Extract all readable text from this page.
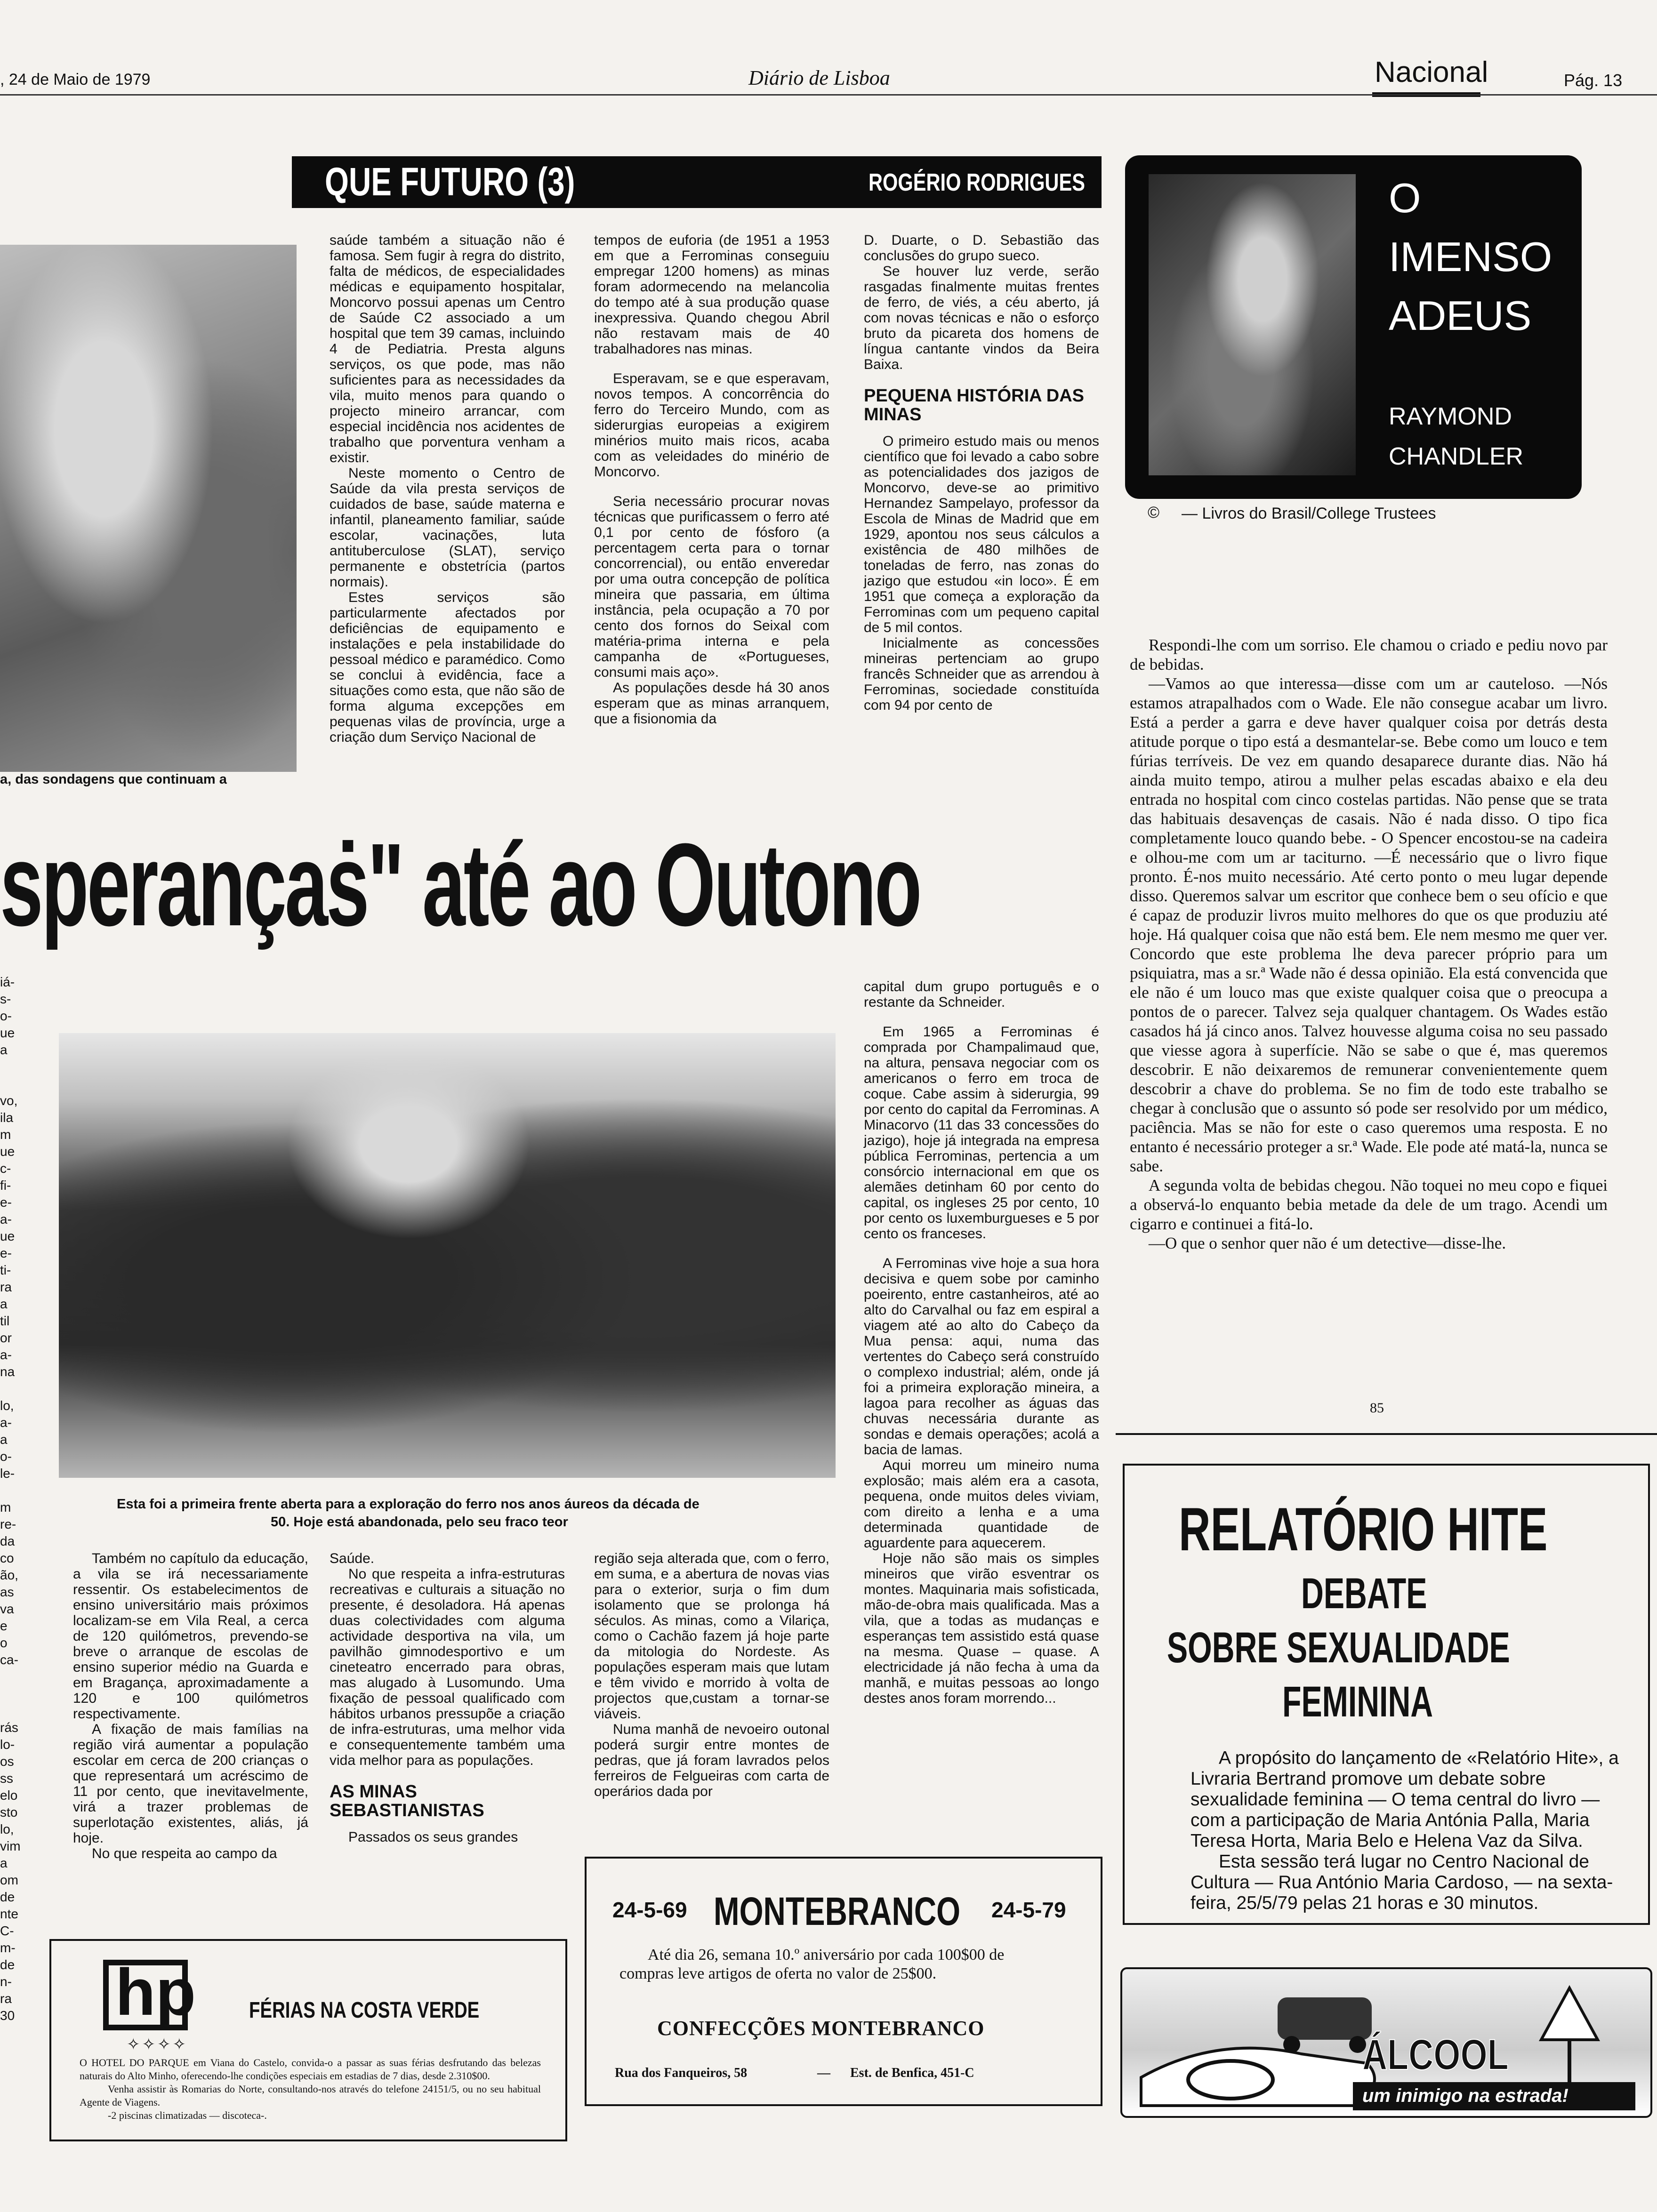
, 24 de Maio de 1979	Diário de Lisboa	Nacional	Pág. 13
QUE FUTURO (3)	ROGÉRIO RODRIGUES
a, das sondagens que continuam a

saúde também a situação não é famosa. Sem fugir à regra do distrito, falta de médicos, de especialidades médicas e equipamento hospitalar, Moncorvo possui apenas um Centro de Saúde C2 associado a um hospital que tem 39 camas, incluindo 4 de Pediatria. Presta alguns serviços, os que pode, mas não suficientes para as necessidades da vila, muito menos para quando o projecto mineiro arrancar, com especial incidência nos acidentes de trabalho que porventura venham a existir.

Neste momento o Centro de Saúde da vila presta serviços de cuidados de base, saúde materna e infantil, planeamento familiar, saúde escolar, vacinações, luta antituberculose (SLAT), serviço permanente e obstetrícia (partos normais).

Estes serviços são particularmente afectados por deficiências de equipamento e instalações e pela instabilidade do pessoal médico e paramédico. Como se conclui à evidência, face a situações como esta, que não são de forma alguma excepções em pequenas vilas de província, urge a criação dum Serviço Nacional de

tempos de euforia (de 1951 a 1953 em que a Ferrominas conseguiu empregar 1200 homens) as minas foram adormecendo na melancolia do tempo até à sua produção quase inexpressiva. Quando chegou Abril não restavam mais de 40 trabalhadores nas minas.

Esperavam, se e que esperavam, novos tempos. A concorrência do ferro do Terceiro Mundo, com as siderurgias europeias a exigirem minérios muito mais ricos, acaba com as veleidades do minério de Moncorvo.

Seria necessário procurar novas técnicas que purificassem o ferro até 0,1 por cento de fósforo (a percentagem certa para o tornar concorrencial), ou então enveredar por uma outra concepção de política mineira que passaria, em última instância, pela ocupação a 70 por cento dos fornos do Seixal com matéria-prima interna e pela campanha de «Portugueses, consumi mais aço».

As populações desde há 30 anos esperam que as minas arranquem, que a fisionomia da

D. Duarte, o D. Sebastião das conclusões do grupo sueco.

Se houver luz verde, serão rasgadas finalmente muitas frentes de ferro, de viés, a céu aberto, já com novas técnicas e não o esforço bruto da picareta dos homens de língua cantante vindos da Beira Baixa.

PEQUENA HISTÓRIA DAS MINAS

O primeiro estudo mais ou menos científico que foi levado a cabo sobre as potencialidades dos jazigos de Moncorvo, deve-se ao primitivo Hernandez Sampelayo, professor da Escola de Minas de Madrid que em 1929, apontou nos seus cálculos a existência de 480 milhões de toneladas de ferro, nas zonas do jazigo que estudou «in loco». É em 1951 que começa a exploração da Ferrominas com um pequeno capital de 5 mil contos.

Inicialmente as concessões mineiras pertenciam ao grupo francês Schneider que as arrendou à Ferrominas, sociedade constituída com 94 por cento de

sperançaṡ" até ao Outono
iá-
s-
o-
ue
a
vo,
ila
m
ue
c-
fi-
e-
a-
ue
e-
ti-
ra
a
til
or
a-
na
lo,
a-
a
o-
le-
m
re-
da
co
ão,
as
va
e
o
ca-
rás
lo-
os
ss
elo
sto
lo,
vim
a
om
de
nte
C-
m-
de
n-
ra
30
Esta foi a primeira frente aberta para a exploração do ferro nos anos áureos da década de
50. Hoje está abandonada, pelo seu fraco teor

capital dum grupo português e o restante da Schneider.

Em 1965 a Ferrominas é comprada por Champalimaud que, na altura, pensava negociar com os americanos o ferro em troca de coque. Cabe assim à siderurgia, 99 por cento do capital da Ferrominas. A Minacorvo (11 das 33 concessões do jazigo), hoje já integrada na empresa pública Ferrominas, pertencia a um consórcio internacional em que os alemães detinham 60 por cento do capital, os ingleses 25 por cento, 10 por cento os luxemburgueses e 5 por cento os franceses.

A Ferrominas vive hoje a sua hora decisiva e quem sobe por caminho poeirento, entre castanheiros, até ao alto do Carvalhal ou faz em espiral a viagem até ao alto do Cabeço da Mua pensa: aqui, numa das vertentes do Cabeço será construído o complexo industrial; além, onde já foi a primeira exploração mineira, a lagoa para recolher as águas das chuvas necessária durante as sondas e demais operações; acolá a bacia de lamas.

Aqui morreu um mineiro numa explosão; mais além era a casota, pequena, onde muitos deles viviam, com direito a lenha e a uma determinada quantidade de aguardente para aquecerem.

Hoje não são mais os simples mineiros que virão esventrar os montes. Maquinaria mais sofisticada, mão-de-obra mais qualificada. Mas a vila, que a todas as mudanças e esperanças tem assistido está quase na mesma. Quase – quase. A electricidade já não fecha à uma da manhã, e muitas pessoas ao longo destes anos foram morrendo...

Também no capítulo da educação, a vila se irá necessariamente ressentir. Os estabelecimentos de ensino universitário mais próximos localizam-se em Vila Real, a cerca de 120 quilómetros, prevendo-se breve o arranque de escolas de ensino superior médio na Guarda e em Bragança, aproximadamente a 120 e 100 quilómetros respectivamente.

A fixação de mais famílias na região virá aumentar a população escolar em cerca de 200 crianças o que representará um acréscimo de 11 por cento, que inevitavelmente, virá a trazer problemas de superlotação existentes, aliás, já hoje.

No que respeita ao campo da

Saúde.

No que respeita a infra-estruturas recreativas e culturais a situação no presente, é desoladora. Há apenas duas colectividades com alguma actividade desportiva na vila, um pavilhão gimnodesportivo e um cineteatro encerrado para obras, mas alugado à Lusomundo. Uma fixação de pessoal qualificado com hábitos urbanos pressupõe a criação de infra-estruturas, uma melhor vida e consequentemente também uma vida melhor para as populações.

AS MINAS SEBASTIANISTAS

Passados os seus grandes

região seja alterada que, com o ferro, em suma, e a abertura de novas vias para o exterior, surja o fim dum isolamento que se prolonga há séculos. As minas, como a Vilariça, como o Cachão fazem já hoje parte da mitologia do Nordeste. As populações esperam mais que lutam e têm vivido e morrido à volta de projectos que,custam a tornar-se viáveis.

Numa manhã de nevoeiro outonal poderá surgir entre montes de pedras, que já foram lavrados pelos ferreiros de Felgueiras com carta de operários dada por

hp FÉRIAS NA COSTA VERDE
✧✧✧✧
O HOTEL DO PARQUE em Viana do Castelo, convida-o a passar as suas férias desfrutando das belezas naturais do Alto Minho, oferecendo-lhe condições especiais em estadias de 7 dias, desde 2.310$00.
Venha assistir às Romarias do Norte, consultando-nos através do telefone 24151/5, ou no seu habitual Agente de Viagens.
-2 piscinas climatizadas — discoteca-.
24-5-69 MONTEBRANCO 24-5-79
Até dia 26, semana 10.º aniversário por cada 100$00 de compras leve artigos de oferta no valor de 25$00.
CONFECÇÕES MONTEBRANCO
Rua dos Fanqueiros, 58	— Est. de Benfica, 451-C
O
IMENSO
ADEUS
RAYMOND
CHANDLER
© — Livros do Brasil/College Trustees
Respondi-lhe com um sorriso. Ele chamou o criado e pediu novo par de bebidas.
—Vamos ao que interessa—disse com um ar cauteloso. —Nós estamos atrapalhados com o Wade. Ele não consegue acabar um livro. Está a perder a garra e deve haver qualquer coisa por detrás desta atitude porque o tipo está a desmantelar-se. Bebe como um louco e tem fúrias terríveis. De vez em quando desaparece durante dias. Não há ainda muito tempo, atirou a mulher pelas escadas abaixo e ela deu entrada no hospital com cinco costelas partidas. Não pense que se trata das habituais desavenças de casais. Não é nada disso. O tipo fica completamente louco quando bebe. - O Spencer encostou-se na cadeira e olhou-me com um ar taciturno. —É necessário que o livro fique pronto. É-nos muito necessário. Até certo ponto o meu lugar depende disso. Queremos salvar um escritor que conhece bem o seu ofício e que é capaz de produzir livros muito melhores do que os que produziu até hoje. Há qualquer coisa que não está bem. Ele nem mesmo me quer ver. Concordo que este problema lhe deva parecer próprio para um psiquiatra, mas a sr.ª Wade não é dessa opinião. Ela está convencida que ele não é um louco mas que existe qualquer coisa que o preocupa a pontos de o parecer. Talvez seja qualquer chantagem. Os Wades estão casados há já cinco anos. Talvez houvesse alguma coisa no seu passado que viesse agora à superfície. Não se sabe o que é, mas queremos descobrir. E não deixaremos de remunerar convenientemente quem descobrir a chave do problema. Se no fim de todo este trabalho se chegar à conclusão que o assunto só pode ser resolvido por um médico, paciência. Mas se não for este o caso queremos uma resposta. E no entanto é necessário proteger a sr.ª Wade. Ele pode até matá-la, nunca se sabe.
A segunda volta de bebidas chegou. Não toquei no meu copo e fiquei a observá-lo enquanto bebia metade da dele de um trago. Acendi um cigarro e continuei a fitá-lo.
—O que o senhor quer não é um detective—disse-lhe.
85
RELATÓRIO HITE
DEBATE
SOBRE SEXUALIDADE
FEMININA
A propósito do lançamento de «Relatório Hite», a Livraria Bertrand promove um debate sobre sexualidade feminina — O tema central do livro — com a participação de Maria Antónia Palla, Maria Teresa Horta, Maria Belo e Helena Vaz da Silva.
Esta sessão terá lugar no Centro Nacional de Cultura — Rua António Maria Cardoso, — na sexta-feira, 25/5/79 pelas 21 horas e 30 minutos.
ÁLCOOL
um inimigo na estrada!
